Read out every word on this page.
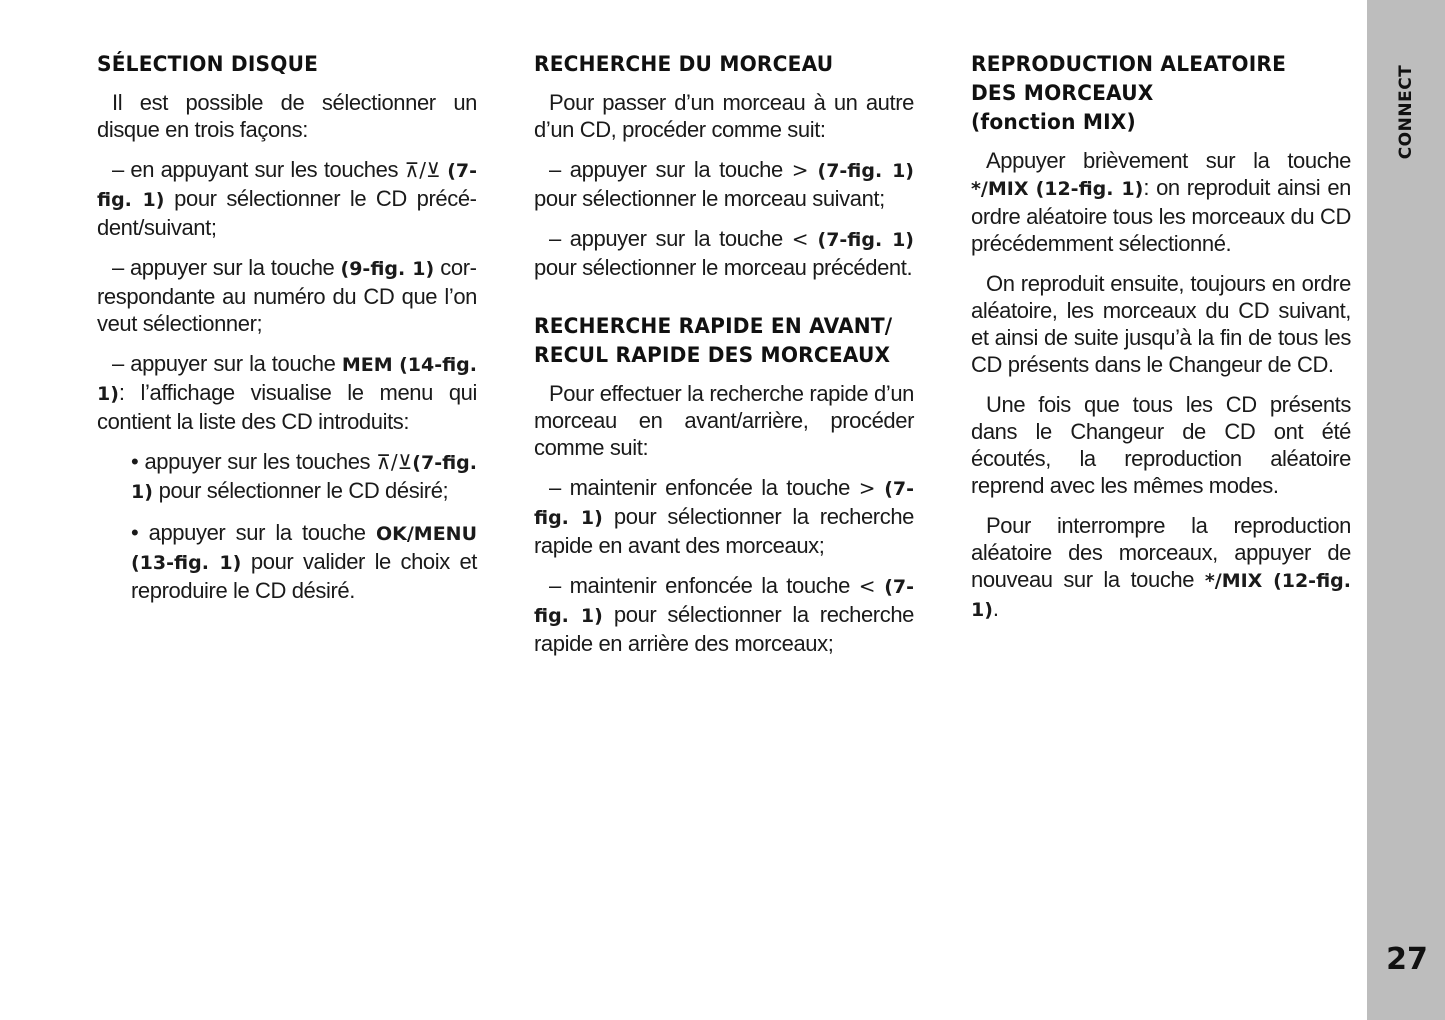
SÉLECTION DISQUE

Il est possible de sélectionner un disque en trois façons:

– en appuyant sur les touches ⊼/⊻ (7-fig. 1) pour sélectionner le CD précédent/suivant;

– appuyer sur la touche (9-fig. 1) correspondante au numéro du CD que l’on veut sélectionner;

– appuyer sur la touche MEM (14-fig. 1): l’affichage visualise le menu qui contient la liste des CD introduits:

• appuyer sur les touches ⊼/⊻(7-fig. 1) pour sélectionner le CD désiré;

• appuyer sur la touche OK/MENU (13-fig. 1) pour valider le choix et reproduire le CD désiré.

RECHERCHE DU MORCEAU

Pour passer d’un morceau à un autre d’un CD, procéder comme suit:

– appuyer sur la touche > (7-fig. 1) pour sélectionner le morceau suivant;

– appuyer sur la touche < (7-fig. 1) pour sélectionner le morceau précédent.

RECHERCHE RAPIDE EN AVANT/
RECUL RAPIDE DES MORCEAUX

Pour effectuer la recherche rapide d’un morceau en avant/arrière, procéder comme suit:

– maintenir enfoncée la touche > (7-fig. 1) pour sélectionner la recherche rapide en avant des morceaux;

– maintenir enfoncée la touche < (7-fig. 1) pour sélectionner la recherche rapide en arrière des morceaux;

REPRODUCTION ALEATOIRE
DES MORCEAUX
(fonction MIX)

Appuyer brièvement sur la touche */MIX (12-fig. 1): on reproduit ainsi en ordre aléatoire tous les morceaux du CD précédemment sélectionné.

On reproduit ensuite, toujours en ordre aléatoire, les morceaux du CD suivant, et ainsi de suite jusqu’à la fin de tous les CD présents dans le Changeur de CD.

Une fois que tous les CD présents dans le Changeur de CD ont été écoutés, la reproduction aléatoire reprend avec les mêmes modes.

Pour interrompre la reproduction aléatoire des morceaux, appuyer de nouveau sur la touche */MIX (12-fig. 1).

CONNECT
27
